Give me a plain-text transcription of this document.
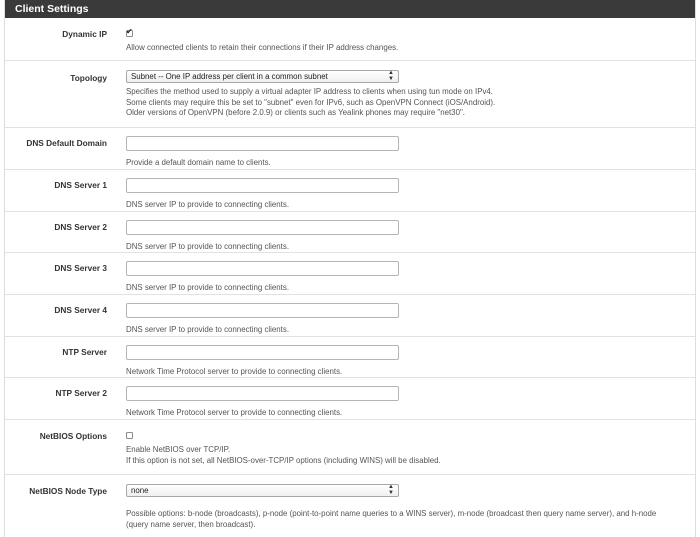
Client Settings
Dynamic IP ✔
Allow connected clients to retain their connections if their IP address changes.
Topology	Subnet -- One IP address per client in a common subnet	▲
▼
Specifies the method used to supply a virtual adapter IP address to clients when using tun mode on IPv4.
Some clients may require this be set to "subnet" even for IPv6, such as OpenVPN Connect (iOS/Android).
Older versions of OpenVPN (before 2.0.9) or clients such as Yealink phones may require "net30".
DNS Default Domain
Provide a default domain name to clients.
DNS Server 1
DNS server IP to provide to connecting clients.
DNS Server 2
DNS server IP to provide to connecting clients.
DNS Server 3
DNS server IP to provide to connecting clients.
DNS Server 4
DNS server IP to provide to connecting clients.
NTP Server
Network Time Protocol server to provide to connecting clients.
NTP Server 2
Network Time Protocol server to provide to connecting clients.
NetBIOS Options
Enable NetBIOS over TCP/IP.
If this option is not set, all NetBIOS-over-TCP/IP options (including WINS) will be disabled.
NetBIOS Node Type	none	▲
▼
Possible options: b-node (broadcasts), p-node (point-to-point name queries to a WINS server), m-node (broadcast then query name server), and h-node
(query name server, then broadcast).
